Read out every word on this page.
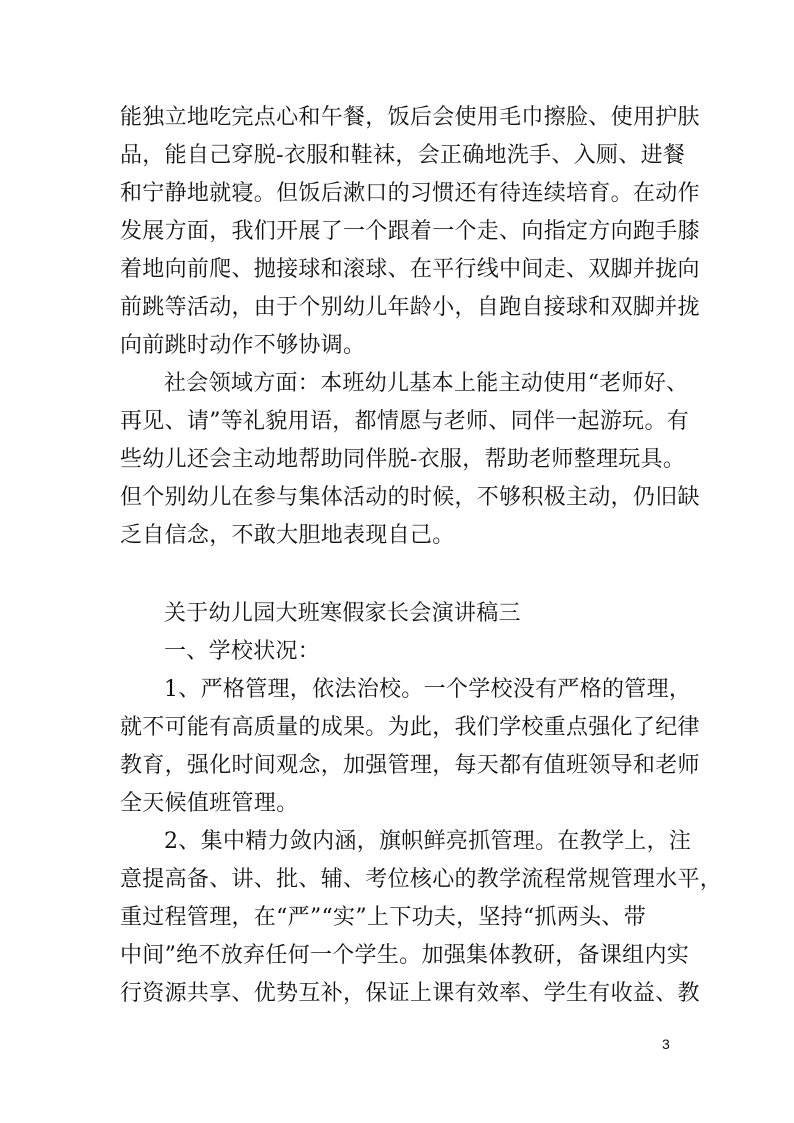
能独立地吃完点心和午餐，饭后会使用毛巾擦脸、使用护肤
品，能自己穿脱-衣服和鞋袜，会正确地洗手、入厕、进餐
和宁静地就寝。但饭后漱口的习惯还有待连续培育。在动作
发展方面，我们开展了一个跟着一个走、向指定方向跑手膝
着地向前爬、抛接球和滚球、在平行线中间走、双脚并拢向
前跳等活动，由于个别幼儿年龄小，自跑自接球和双脚并拢
向前跳时动作不够协调。
社会领域方面：本班幼儿基本上能主动使用“老师好、
再见、请”等礼貌用语，都情愿与老师、同伴一起游玩。有
些幼儿还会主动地帮助同伴脱-衣服，帮助老师整理玩具。
但个别幼儿在参与集体活动的时候，不够积极主动，仍旧缺
乏自信念，不敢大胆地表现自己。
关于幼儿园大班寒假家长会演讲稿三
一、学校状况：
1、严格管理，依法治校。一个学校没有严格的管理，
就不可能有高质量的成果。为此，我们学校重点强化了纪律
教育，强化时间观念，加强管理，每天都有值班领导和老师
全天候值班管理。
2、集中精力敛内涵，旗帜鲜亮抓管理。在教学上，注
意提高备、讲、批、辅、考位核心的教学流程常规管理水平，
重过程管理，在“严”“实”上下功夫，坚持“抓两头、带
中间”绝不放弃任何一个学生。加强集体教研，备课组内实
行资源共享、优势互补，保证上课有效率、学生有收益、教
3
